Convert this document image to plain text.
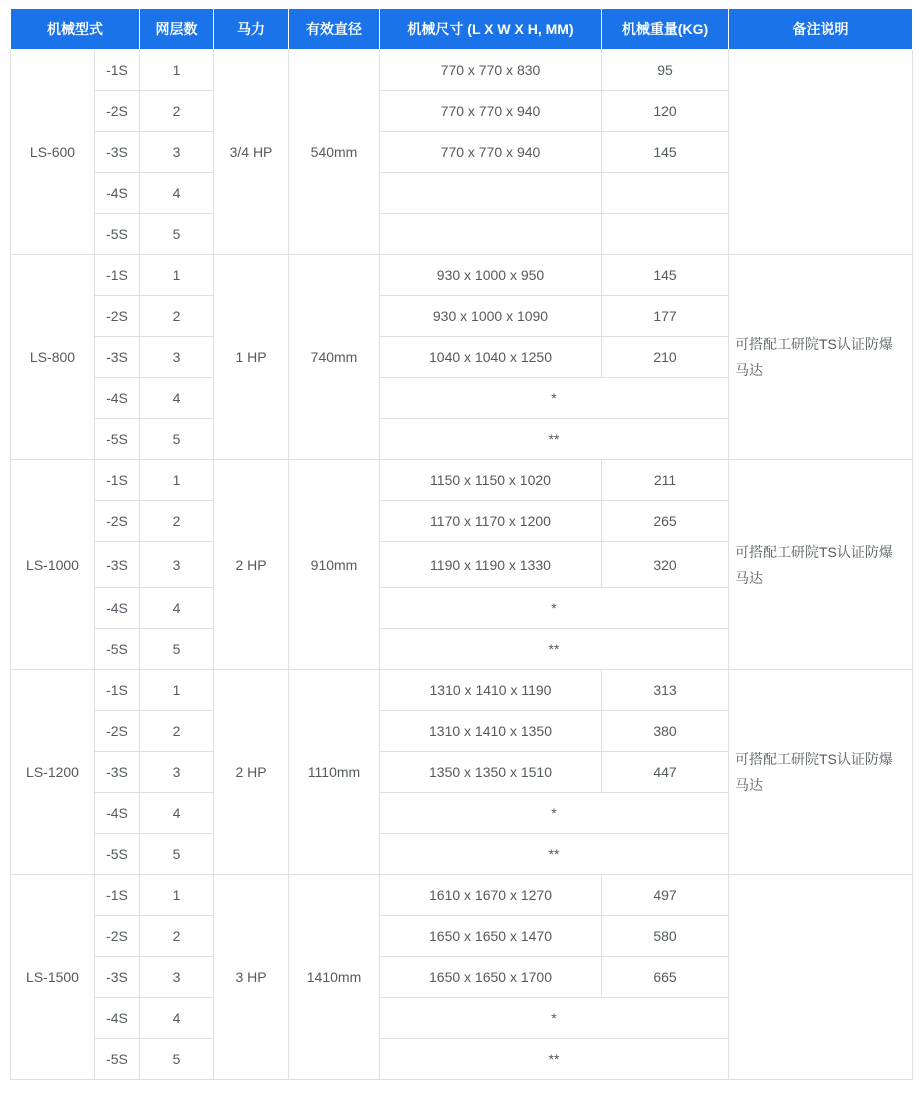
机械型式		网层数	马力	有效直径	机械尺寸 (L X W X H, MM)	机械重量(KG)	备注说明
LS-600	-1S	1	3/4 HP	540mm	770 x 770 x 830	95	
	-2S	2			770 x 770 x 940	120	
	-3S	3			770 x 770 x 940	145	
	-4S	4					
	-5S	5					
LS-800	-1S	1	1 HP	740mm	930 x 1000 x 950	145	可搭配工研院TS认证防爆马达
	-2S	2			930 x 1000 x 1090	177	
	-3S	3			1040 x 1040 x 1250	210	
	-4S	4			*		
	-5S	5			**		
LS-1000	-1S	1	2 HP	910mm	1150 x 1150 x 1020	211	可搭配工研院TS认证防爆马达
	-2S	2			1170 x 1170 x 1200	265	
	-3S	3			1190 x 1190 x 1330	320	
	-4S	4			*		
	-5S	5			**		
LS-1200	-1S	1	2 HP	1110mm	1310 x 1410 x 1190	313	可搭配工研院TS认证防爆马达
	-2S	2			1310 x 1410 x 1350	380	
	-3S	3			1350 x 1350 x 1510	447	
	-4S	4			*		
	-5S	5			**		
LS-1500	-1S	1	3 HP	1410mm	1610 x 1670 x 1270	497	
	-2S	2			1650 x 1650 x 1470	580	
	-3S	3			1650 x 1650 x 1700	665	
	-4S	4			*		
	-5S	5			**		
